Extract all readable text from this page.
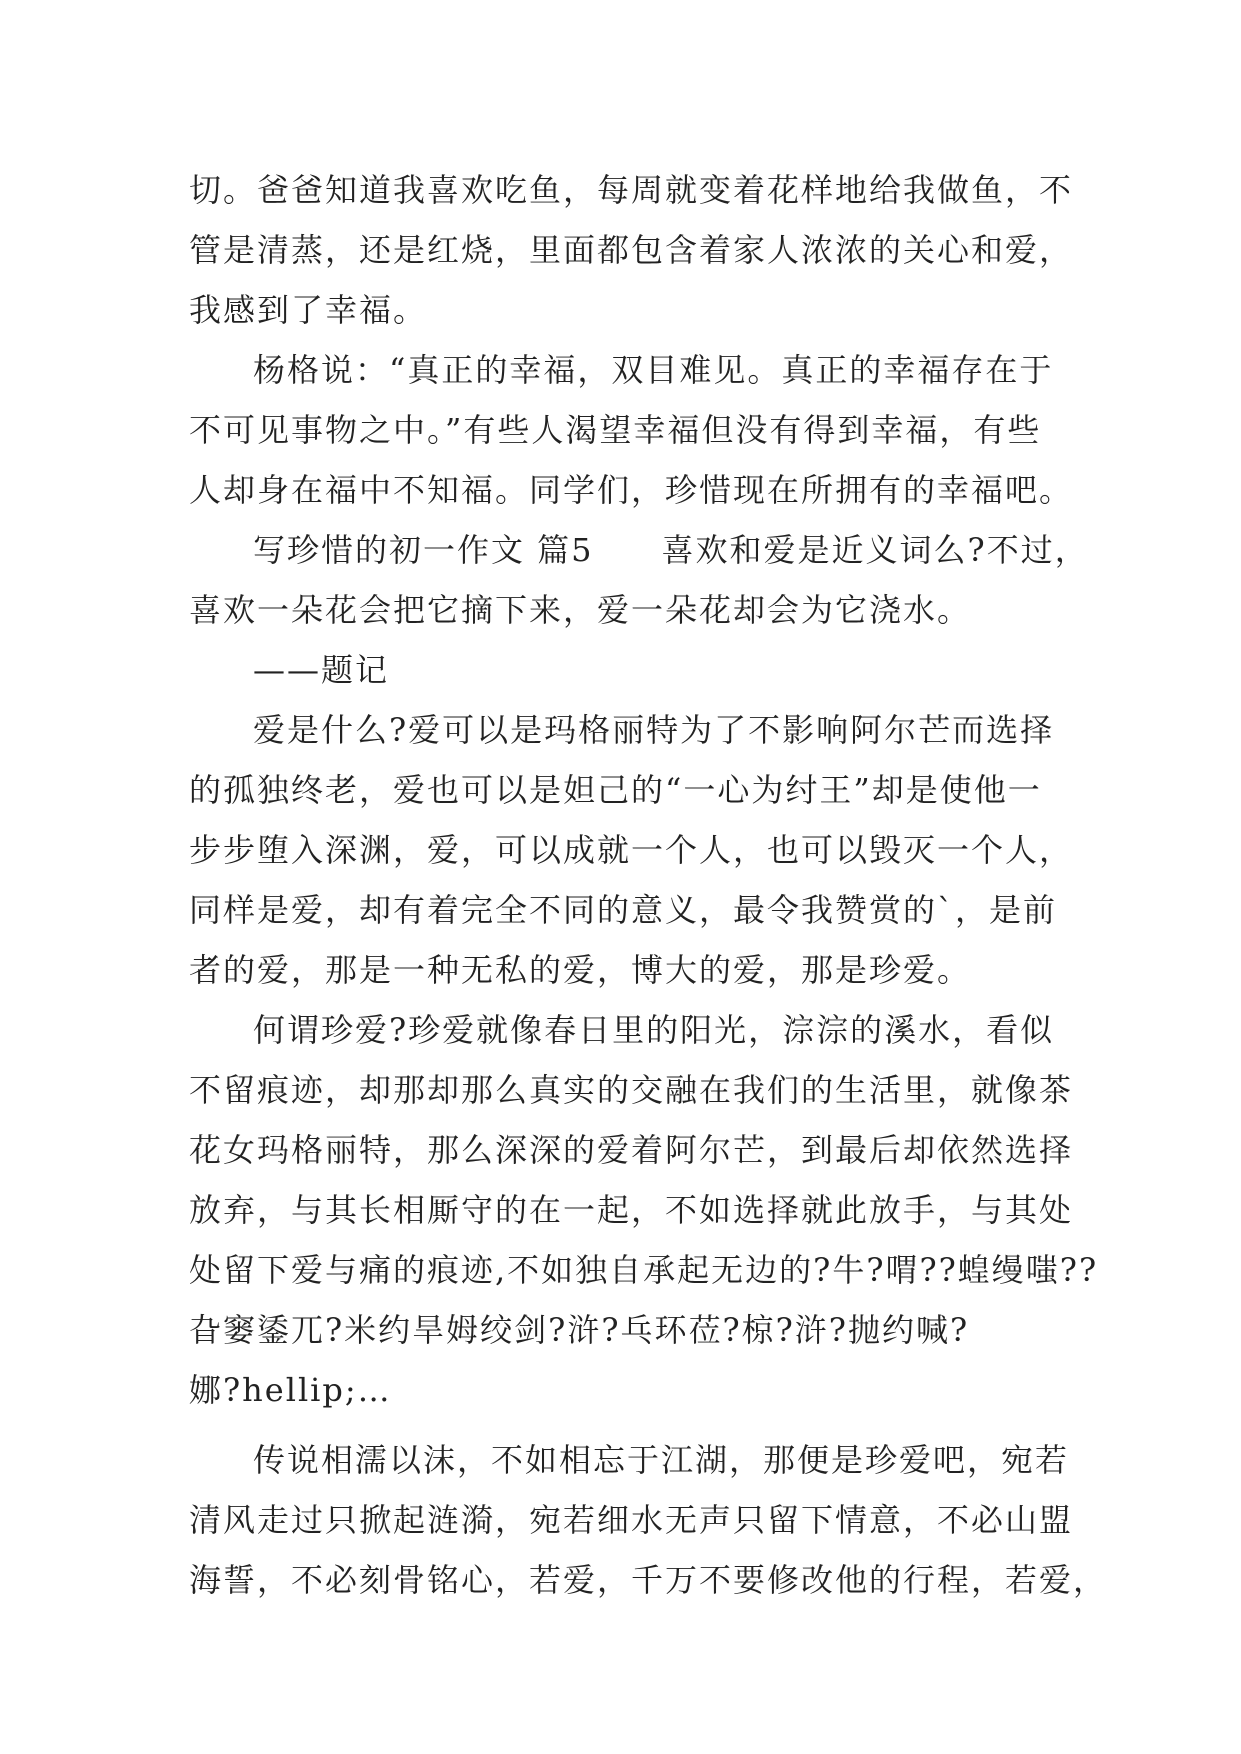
切。爸爸知道我喜欢吃鱼，每周就变着花样地给我做鱼，不
管是清蒸，还是红烧，里面都包含着家人浓浓的关心和爱，
我感到了幸福。
杨格说：“真正的幸福，双目难见。真正的幸福存在于
不可见事物之中。”有些人渴望幸福但没有得到幸福，有些
人却身在福中不知福。同学们，珍惜现在所拥有的幸福吧。
写珍惜的初一作文 篇5　　喜欢和爱是近义词么?不过，
喜欢一朵花会把它摘下来，爱一朵花却会为它浇水。
——题记
爱是什么?爱可以是玛格丽特为了不影响阿尔芒而选择
的孤独终老，爱也可以是妲己的“一心为纣王”却是使他一
步步堕入深渊，爱，可以成就一个人，也可以毁灭一个人，
同样是爱，却有着完全不同的意义，最令我赞赏的`，是前
者的爱，那是一种无私的爱，博大的爱，那是珍爱。
何谓珍爱?珍爱就像春日里的阳光，淙淙的溪水，看似
不留痕迹，却那却那么真实的交融在我们的生活里，就像茶
花女玛格丽特，那么深深的爱着阿尔芒，到最后却依然选择
放弃，与其长相厮守的在一起，不如选择就此放手，与其处
处留下爱与痛的痕迹,不如独自承起无边的?牛?喟??蝗缦嗤??
旮窭鋈兀?米约旱姆绞剑?浒?乓环莅?椋?浒?抛约喊?
娜?hellip;…
传说相濡以沫，不如相忘于江湖，那便是珍爱吧，宛若
清风走过只掀起涟漪，宛若细水无声只留下情意，不必山盟
海誓，不必刻骨铭心，若爱，千万不要修改他的行程，若爱，
